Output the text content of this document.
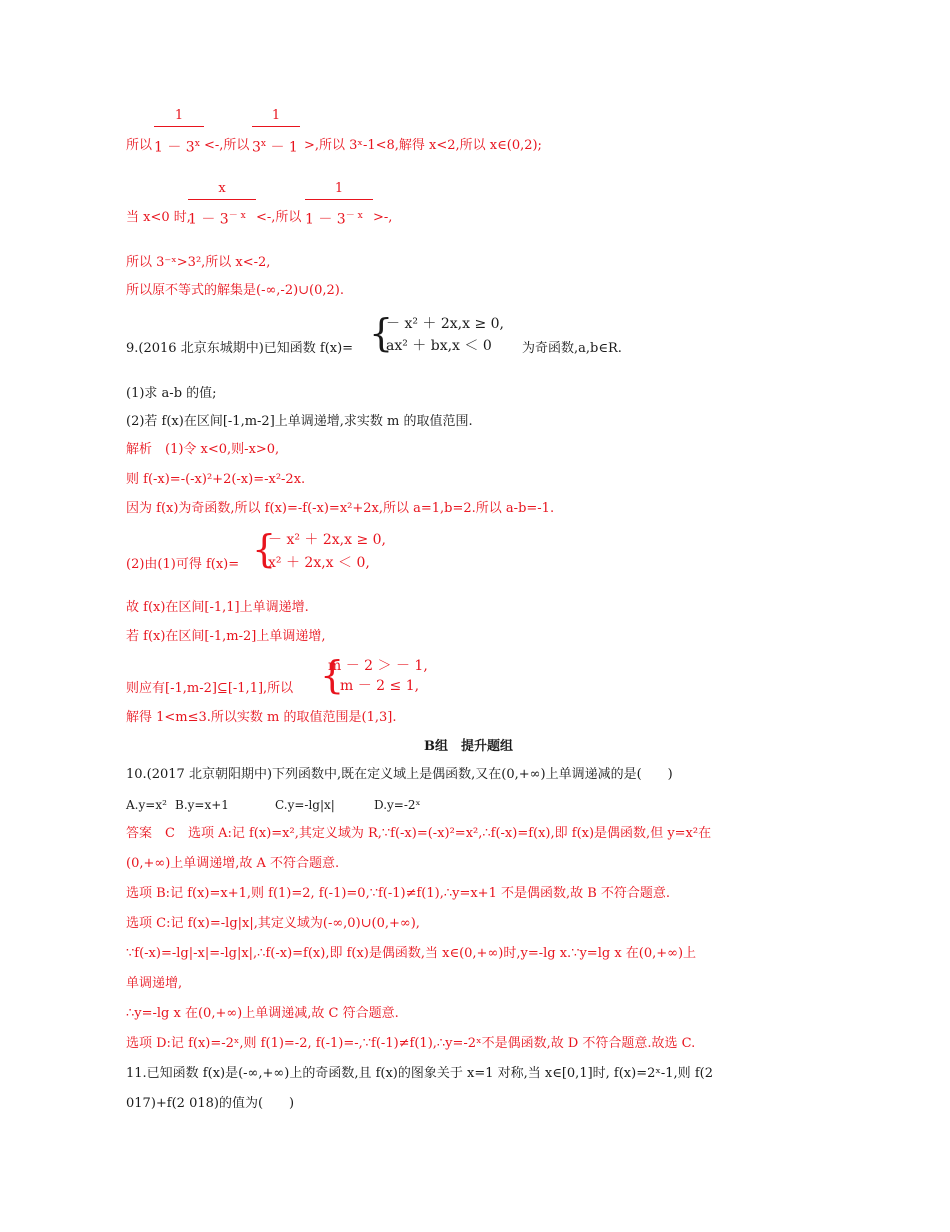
所以
1
$1 - 3^x$ <-,所以
1
$3^x - 1$ >,所以 3ˣ-1<8,解得 x<2,所以 x∈(0,2);
当 x<0 时,
x
$1 - 3^{- x}$ <-,所以
1
$1 - 3^{- x}$ >-,
所以 3⁻ˣ>3²,所以 x<-2,
所以原不等式的解集是(-∞,-2)∪(0,2).
9.(2016 北京东城期中)已知函数 f(x)= {
－ x² ＋ 2x,x ≥ 0,
ax² ＋ bx,x ＜ 0 为奇函数,a,b∈R.
(1)求 a-b 的值;
(2)若 f(x)在区间[-1,m-2]上单调递增,求实数 m 的取值范围.
解析　(1)令 x<0,则-x>0,
则 f(-x)=-(-x)²+2(-x)=-x²-2x.
因为 f(x)为奇函数,所以 f(x)=-f(-x)=x²+2x,所以 a=1,b=2.所以 a-b=-1.
(2)由(1)可得 f(x)= {
－ x² ＋ 2x,x ≥ 0,
x² ＋ 2x,x ＜ 0,
故 f(x)在区间[-1,1]上单调递增.
若 f(x)在区间[-1,m-2]上单调递增,
则应有[-1,m-2]⊆[-1,1],所以 {
m － 2 ＞ － 1,
m － 2 ≤ 1,
解得 1<m≤3.所以实数 m 的取值范围是(1,3].
B组　提升题组
10.(2017 北京朝阳期中)下列函数中,既在定义域上是偶函数,又在(0,+∞)上单调递减的是(　　)
A.y=x² B.y=x+1	C.y=-lg|x|	D.y=-2ˣ
答案　C　选项 A:记 f(x)=x²,其定义域为 R,∵f(-x)=(-x)²=x²,∴f(-x)=f(x),即 f(x)是偶函数,但 y=x²在
(0,+∞)上单调递增,故 A 不符合题意.
选项 B:记 f(x)=x+1,则 f(1)=2, f(-1)=0,∵f(-1)≠f(1),∴y=x+1 不是偶函数,故 B 不符合题意.
选项 C:记 f(x)=-lg|x|,其定义域为(-∞,0)∪(0,+∞),
∵f(-x)=-lg|-x|=-lg|x|,∴f(-x)=f(x),即 f(x)是偶函数,当 x∈(0,+∞)时,y=-lg x.∵y=lg x 在(0,+∞)上
单调递增,
∴y=-lg x 在(0,+∞)上单调递减,故 C 符合题意.
选项 D:记 f(x)=-2ˣ,则 f(1)=-2, f(-1)=-,∵f(-1)≠f(1),∴y=-2ˣ不是偶函数,故 D 不符合题意.故选 C.
11.已知函数 f(x)是(-∞,+∞)上的奇函数,且 f(x)的图象关于 x=1 对称,当 x∈[0,1]时, f(x)=2ˣ-1,则 f(2
017)+f(2 018)的值为(　　)
